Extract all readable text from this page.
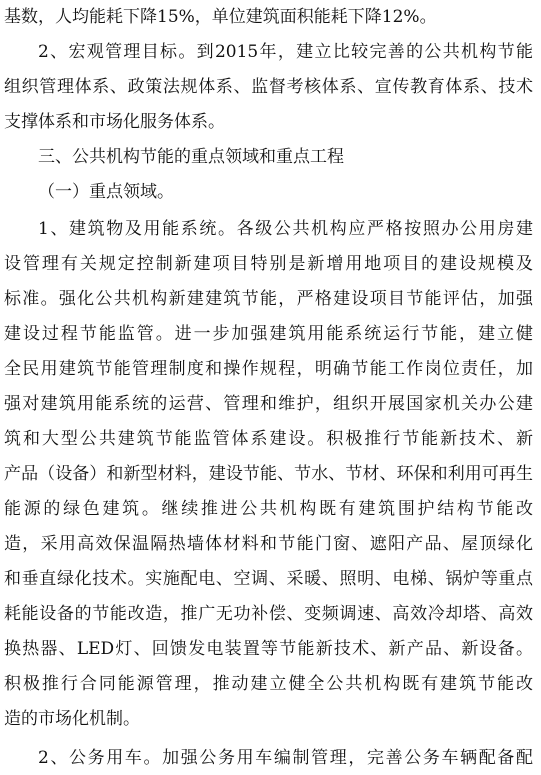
基数，人均能耗下降15%，单位建筑面积能耗下降12%。
2、宏观管理目标。到2015年，建立比较完善的公共机构节能
组织管理体系、政策法规体系、监督考核体系、宣传教育体系、技术
支撑体系和市场化服务体系。
三、公共机构节能的重点领域和重点工程
（一）重点领域。
1、建筑物及用能系统。各级公共机构应严格按照办公用房建
设管理有关规定控制新建项目特别是新增用地项目的建设规模及
标准。强化公共机构新建建筑节能，严格建设项目节能评估，加强
建设过程节能监管。进一步加强建筑用能系统运行节能，建立健
全民用建筑节能管理制度和操作规程，明确节能工作岗位责任，加
强对建筑用能系统的运营、管理和维护，组织开展国家机关办公建
筑和大型公共建筑节能监管体系建设。积极推行节能新技术、新
产品（设备）和新型材料，建设节能、节水、节材、环保和利用可再生
能源的绿色建筑。继续推进公共机构既有建筑围护结构节能改
造，采用高效保温隔热墙体材料和节能门窗、遮阳产品、屋顶绿化
和垂直绿化技术。实施配电、空调、采暖、照明、电梯、锅炉等重点
耗能设备的节能改造，推广无功补偿、变频调速、高效冷却塔、高效
换热器、LED灯、回馈发电装置等节能新技术、新产品、新设备。
积极推行合同能源管理，推动建立健全公共机构既有建筑节能改
造的市场化机制。
2、公务用车。加强公务用车编制管理，完善公务车辆配备配
